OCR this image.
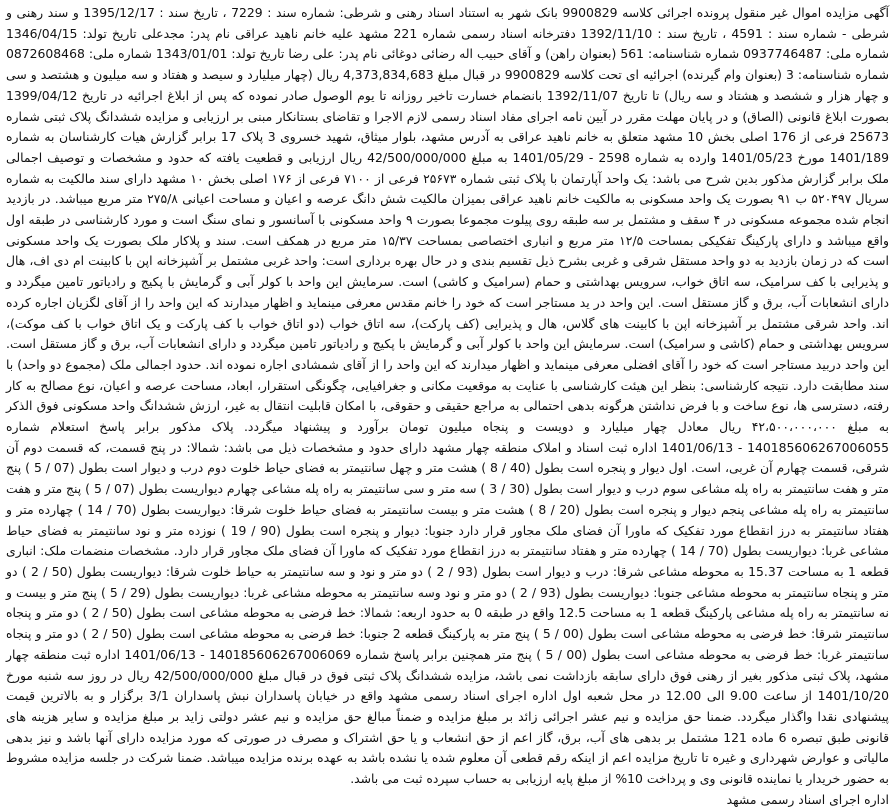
آگهی مزایده اموال غیر منقول پرونده اجرائی کلاسه 9900829 بانک شهر به استناد اسناد رهنی و شرطی: شماره سند : 7229 ، تاریخ سند : 1395/12/17 و سند رهنی و شرطی - شماره سند : 4591 ، تاریخ سند : 1392/11/10 دفترخانه اسناد رسمی شماره 221 مشهد علیه خانم ناهید عراقی نام پدر: مجدعلی تاریخ تولد: 1346/04/15 شماره ملی: 0937746487 شماره شناسنامه: 561 (بعنوان راهن) و آقای حبیب اله رضائی دوغائی نام پدر: علی رضا تاریخ تولد: 1343/01/01 شماره ملی: 0872608468 شماره شناسنامه: 3 (بعنوان وام گیرنده) اجرائیه ای تحت کلاسه 9900829 در قبال مبلغ 4,373,834,683 ریال (چهار میلیارد و سیصد و هفتاد و سه میلیون و هشتصد و سی و چهار هزار و ششصد و هشتاد و سه ریال) تا تاریخ 1392/11/07 بانضمام خسارت تاخیر روزانه تا یوم الوصول صادر نموده که پس از ابلاغ اجرائیه در تاریخ 1399/04/12 بصورت ابلاغ قانونی (الصاق) و در پایان مهلت مقرر در آیین نامه اجرای مفاد اسناد رسمی لازم الاجرا و تقاضای بستانکار مبنی بر ارزیابی و مزایده ششدانگ پلاک ثبتی شماره 25673 فرعی از 176 اصلی بخش 10 مشهد متعلق به خانم ناهید عراقی به آدرس مشهد، بلوار میثاق، شهید خسروی 3 پلاک 17 برابر گزارش هیات کارشناسان به شماره 1401/189 مورخ 1401/05/23 وارده به شماره 2598 - 1401/05/29 به مبلغ 42/500/000/000 ریال ارزیابی و قطعیت یافته که حدود و مشخصات و توصیف اجمالی ملک برابر گزارش مذکور بدین شرح می باشد: یک واحد آپارتمان با پلاک ثبتی شماره ۲۵۶۷۳ فرعی از ۷۱۰۰ فرعی از ۱۷۶ اصلی بخش ۱۰ مشهد دارای سند مالکیت به شماره سریال ۵۲۰۴۹۷ ب ۹۱ بصورت یک واحد مسکونی به مالکیت خانم ناهید عراقی بمیزان مالکیت شش دانگ عرصه و اعیان و مساحت اعیانی ۲۷۵/۸ متر مربع میباشد. در بازدید انجام شده مجموعه مسکونی در ۴ سقف و مشتمل بر سه طبقه روی پیلوت مجموعا بصورت ۹ واحد مسکونی با آسانسور و نمای سنگ است و مورد کارشناسی در طبقه اول واقع میباشد و دارای پارکینگ تفکیکی بمساحت ۱۲/۵ متر مربع و انباری اختصاصی بمساحت ۱۵/۳۷ متر مربع در همکف است. سند و پلاکار ملک بصورت یک واحد مسکونی است که در زمان بازدید به دو واحد مستقل شرقی و غربی بشرح ذیل تقسیم بندی و در حال بهره برداری است: واحد غربی مشتمل بر آشپزخانه اپن با کابینت ام دی اف، هال و پذیرایی با کف سرامیک، سه اتاق خواب، سرویس بهداشتی و حمام (سرامیک و کاشی) است. سرمایش این واحد با کولر آبی و گرمایش با پکیج و رادیاتور تامین میگردد و دارای انشعابات آب، برق و گاز مستقل است. این واحد در ید مستاجر است که خود را خانم مقدس معرفی مینماید و اظهار میدارند که این واحد را از آقای لگزیان اجاره کرده اند. واحد شرقی مشتمل بر آشپزخانه اپن با کابینت های گلاس، هال و پذیرایی (کف پارکت)، سه اتاق خواب (دو اتاق خواب با کف پارکت و یک اتاق خواب با کف موکت)، سرویس بهداشتی و حمام (کاشی و سرامیک) است. سرمایش این واحد با کولر آبی و گرمایش با پکیج و رادیاتور تامین میگردد و دارای انشعابات آب، برق و گاز مستقل است. این واحد دربید مستاجر است که خود را آقای افضلی معرفی مینماید و اظهار میدارند که این واحد را از آقای شمشادی اجاره نموده اند. حدود اجمالی ملک (مجموع دو واحد) با سند مطابقت دارد. نتیجه کارشناسی: بنظر این هیئت کارشناسی با عنایت به موقعیت مکانی و جغرافیایی، چگونگی استقرار، ابعاد، مساحت عرصه و اعیان، نوع مصالح به کار رفته، دسترسی ها، نوع ساخت و با فرض نداشتن هرگونه بدهی احتمالی به مراجع حقیقی و حقوقی، با امکان قابلیت انتقال به غیر، ارزش ششدانگ واحد مسکونی فوق الذکر به مبلغ ۴۲،۵۰۰،۰۰۰،۰۰۰ ریال معادل چهار میلیارد و دویست و پنجاه میلیون تومان برآورد و پیشنهاد میگردد. پلاک مذکور برابر پاسخ استعلام شماره 140185606267006055 - 1401/06/13 اداره ثبت اسناد و املاک منطقه چهار مشهد دارای حدود و مشخصات ذیل می باشد: شمالا: در پنج قسمت، که قسمت دوم آن شرقی، قسمت چهارم آن غربی، است. اول دیوار و پنجره است بطول (40 / 8 ) هشت متر و چهل سانتیمتر به فضای حیاط خلوت دوم درب و دیوار است بطول (07 / 5 ) پنج متر و هفت سانتیمتر به راه پله مشاعی سوم درب و دیوار است بطول (30 / 3 ) سه متر و سی سانتیمتر به راه پله مشاعی چهارم دیواریست بطول (07 / 5 ) پنج متر و هفت سانتیمتر به راه پله مشاعی پنجم دیوار و پنجره است بطول (20 / 8 ) هشت متر و بیست سانتیمتر به فضای حیاط خلوت شرقا: دیواریست بطول (70 / 14 ) چهارده متر و هفتاد سانتیمتر به درز انقطاع مورد تفکیک که ماورا آن فضای ملک مجاور قرار دارد جنوبا: دیوار و پنجره است بطول (90 / 19 ) نوزده متر و نود سانتیمتر به فضای حیاط مشاعی غربا: دیواریست بطول (70 / 14 ) چهارده متر و هفتاد سانتیمتر به درز انقطاع مورد تفکیک که ماورا آن فضای ملک مجاور قرار دارد. مشخصات منضمات ملک: انباری قطعه 1 به مساحت 15.37 به محوطه مشاعی شرقا: درب و دیوار است بطول (93 / 2 ) دو متر و نود و سه سانتیمتر به حیاط خلوت شرقا: دیواریست بطول (50 / 2 ) دو متر و پنجاه سانتیمتر به محوطه مشاعی جنوبا: دیواریست بطول (93 / 2 ) دو متر و نود وسه سانتیمتر به محوطه مشاعی غربا: دیواریست بطول (29 / 5 ) پنج متر و بیست و نه سانتیمتر به راه پله مشاعی پارکینگ قطعه 1 به مساحت 12.5 واقع در طبقه 0 به حدود اربعه: شمالا: خط فرضی به محوطه مشاعی است بطول (50 / 2 ) دو متر و پنجاه سانتیمتر شرقا: خط فرضی به محوطه مشاعی است بطول (00 / 5 ) پنج متر به پارکینگ قطعه 2 جنوبا: خط فرضی به محوطه مشاعی است بطول (50 / 2 ) دو متر و پنجاه سانتیمتر غربا: خط فرضی به محوطه مشاعی است بطول (00 / 5 ) پنج متر همچنین برابر پاسخ شماره 140185606267006069 - 1401/06/13 اداره ثبت منطقه چهار مشهد، پلاک ثبتی مذکور بغیر از رهنی فوق دارای سابقه بازداشت نمی باشد، مزایده ششدانگ پلاک ثبتی فوق در قبال مبلغ 42/500/000/000 ریال در روز سه شنبه مورخ 1401/10/20 از ساعت 9.00 الی 12.00 در محل شعبه اول اداره اجرای اسناد رسمی مشهد واقع در خیابان پاسداران نبش پاسداران 3/1 برگزار و به بالاترین قیمت پیشنهادی نقدا واگذار میگردد. ضمنا حق مزایده و نیم عشر اجرائی زائد بر مبلغ مزایده و ضمناً مبالغ حق مزایده و نیم عشر دولتی زاید بر مبلغ مزایده و سایر هزینه های قانونی طبق تبصره 6 ماده 121 مشتمل بر بدهی های آب، برق، گاز اعم از حق انشعاب و یا حق اشتراک و مصرف در صورتی که مورد مزایده دارای آنها باشد و نیز بدهی مالیاتی و عوارض شهرداری و غیره تا تاریخ مزایده اعم از اینکه رقم قطعی آن معلوم شده یا نشده باشد به عهده برنده مزایده میباشد. ضمنا شرکت در جلسه مزایده مشروط به حضور خریدار یا نماینده قانونی وی و پرداخت 10% از مبلغ پایه ارزیابی به حساب سپرده ثبت می باشد.

اداره اجرای اسناد رسمی مشهد
